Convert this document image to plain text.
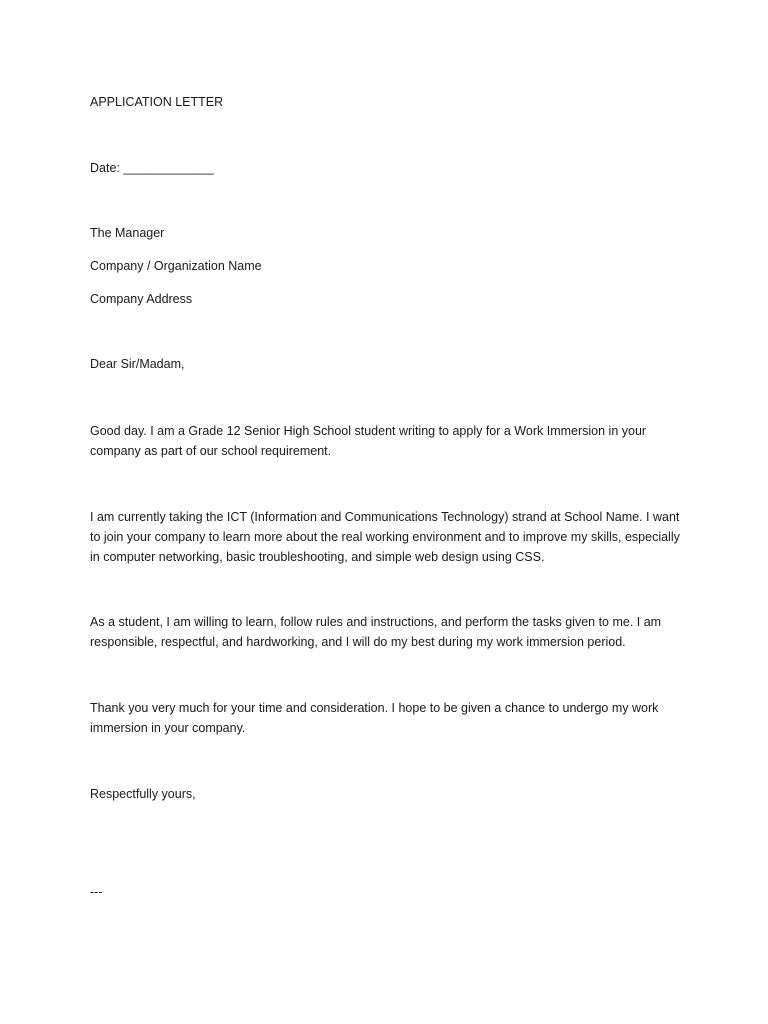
APPLICATION LETTER
Date: _____________
The Manager
Company / Organization Name
Company Address
Dear Sir/Madam,
Good day. I am a Grade 12 Senior High School student writing to apply for a Work Immersion in your company as part of our school requirement.
I am currently taking the ICT (Information and Communications Technology) strand at School Name. I want to join your company to learn more about the real working environment and to improve my skills, especially in computer networking, basic troubleshooting, and simple web design using CSS.
As a student, I am willing to learn, follow rules and instructions, and perform the tasks given to me. I am responsible, respectful, and hardworking, and I will do my best during my work immersion period.
Thank you very much for your time and consideration. I hope to be given a chance to undergo my work immersion in your company.
Respectfully yours,
---
